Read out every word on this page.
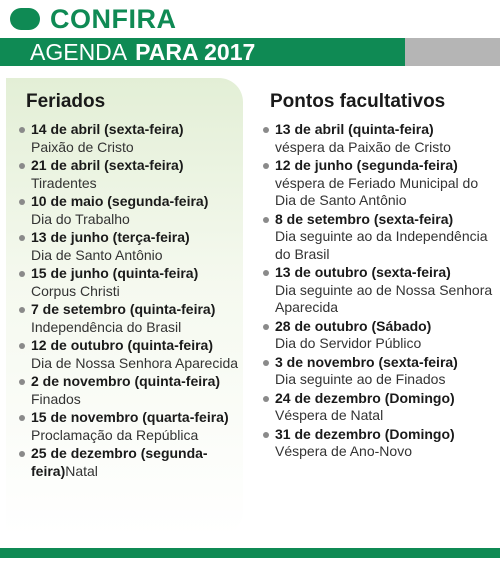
CONFIRA
AGENDA PARA 2017
Feriados
14 de abril (sexta-feira)
Paixão de Cristo
21 de abril (sexta-feira)
Tiradentes
10 de maio (segunda-feira)
Dia do Trabalho
13 de junho (terça-feira)
Dia de Santo Antônio
15 de junho (quinta-feira)
Corpus Christi
7 de setembro (quinta-feira)
Independência do Brasil
12 de outubro (quinta-feira)
Dia de Nossa Senhora Aparecida
2 de novembro (quinta-feira)
Finados
15 de novembro (quarta-feira)
Proclamação da República
25 de dezembro (segunda-feira)Natal
Pontos facultativos
13 de abril (quinta-feira)
véspera da Paixão de Cristo
12 de junho (segunda-feira)
véspera de Feriado Municipal do Dia de Santo Antônio
8 de setembro (sexta-feira)
Dia seguinte ao da Independência do Brasil
13 de outubro (sexta-feira)
Dia seguinte ao de Nossa Senhora Aparecida
28 de outubro (Sábado)
Dia do Servidor Público
3 de novembro (sexta-feira)
Dia seguinte ao de Finados
24 de dezembro (Domingo)
Véspera de Natal
31 de dezembro (Domingo)
Véspera de Ano-Novo
